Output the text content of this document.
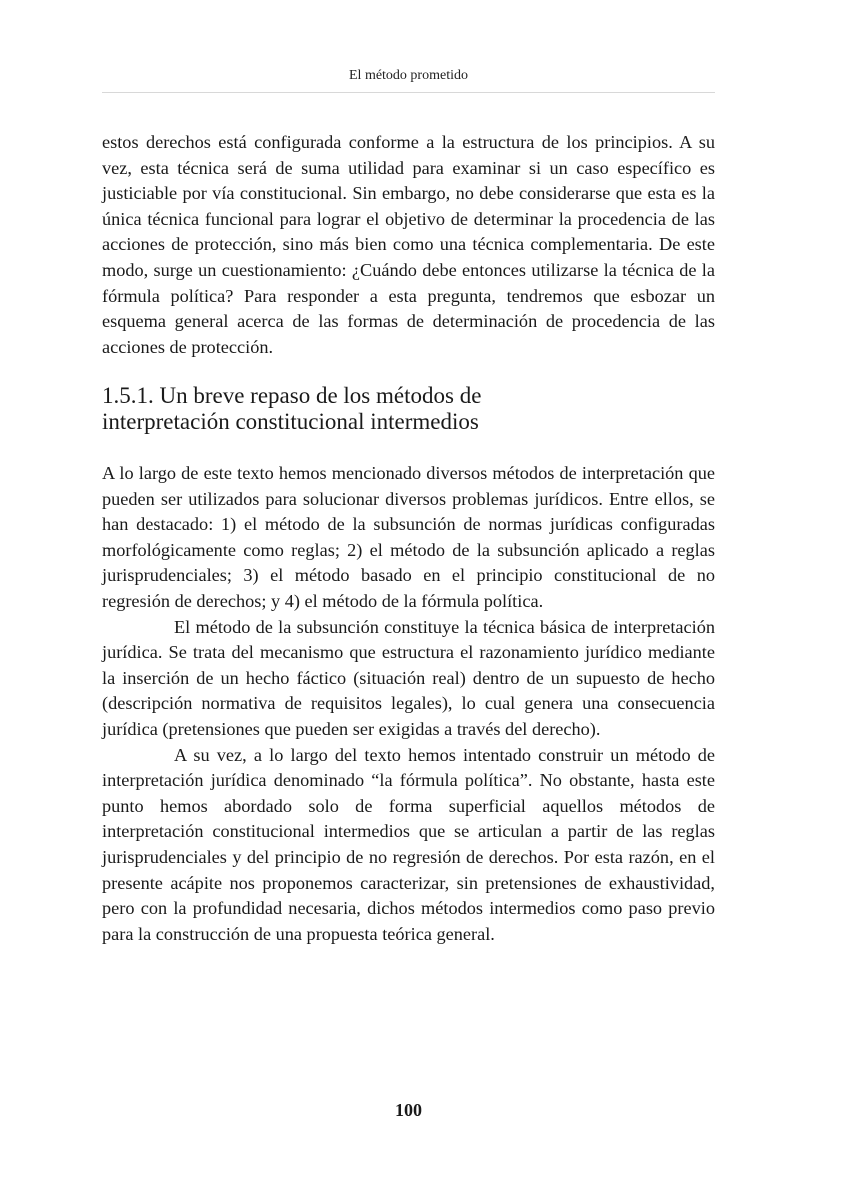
El método prometido

estos derechos está configurada conforme a la estructura de los principios. A su vez, esta técnica será de suma utilidad para examinar si un caso específico es justiciable por vía constitucional. Sin embargo, no debe considerarse que esta es la única técnica funcional para lograr el objetivo de determinar la procedencia de las acciones de protección, sino más bien como una técnica complementaria. De este modo, surge un cuestionamiento: ¿Cuándo debe entonces utilizarse la técnica de la fórmula política? Para responder a esta pregunta, tendremos que esbozar un esquema general acerca de las formas de determinación de procedencia de las acciones de protección.

1.5.1. Un breve repaso de los métodos de
interpretación constitucional intermedios

A lo largo de este texto hemos mencionado diversos métodos de interpretación que pueden ser utilizados para solucionar diversos problemas jurídicos. Entre ellos, se han destacado: 1) el método de la subsunción de normas jurídicas configuradas morfológicamente como reglas; 2) el método de la subsunción aplicado a reglas jurisprudenciales; 3) el método basado en el principio constitucional de no regresión de derechos; y 4) el método de la fórmula política.

El método de la subsunción constituye la técnica básica de interpretación jurídica. Se trata del mecanismo que estructura el razonamiento jurídico mediante la inserción de un hecho fáctico (situación real) dentro de un supuesto de hecho (descripción normativa de requisitos legales), lo cual genera una consecuencia jurídica (pretensiones que pueden ser exigidas a través del derecho).

A su vez, a lo largo del texto hemos intentado construir un método de interpretación jurídica denominado “la fórmula política”. No obstante, hasta este punto hemos abordado solo de forma superficial aquellos métodos de interpretación constitucional intermedios que se articulan a partir de las reglas jurisprudenciales y del principio de no regresión de derechos. Por esta razón, en el presente acápite nos proponemos caracterizar, sin pretensiones de exhaustividad, pero con la profundidad necesaria, dichos métodos intermedios como paso previo para la construcción de una propuesta teórica general.

100
